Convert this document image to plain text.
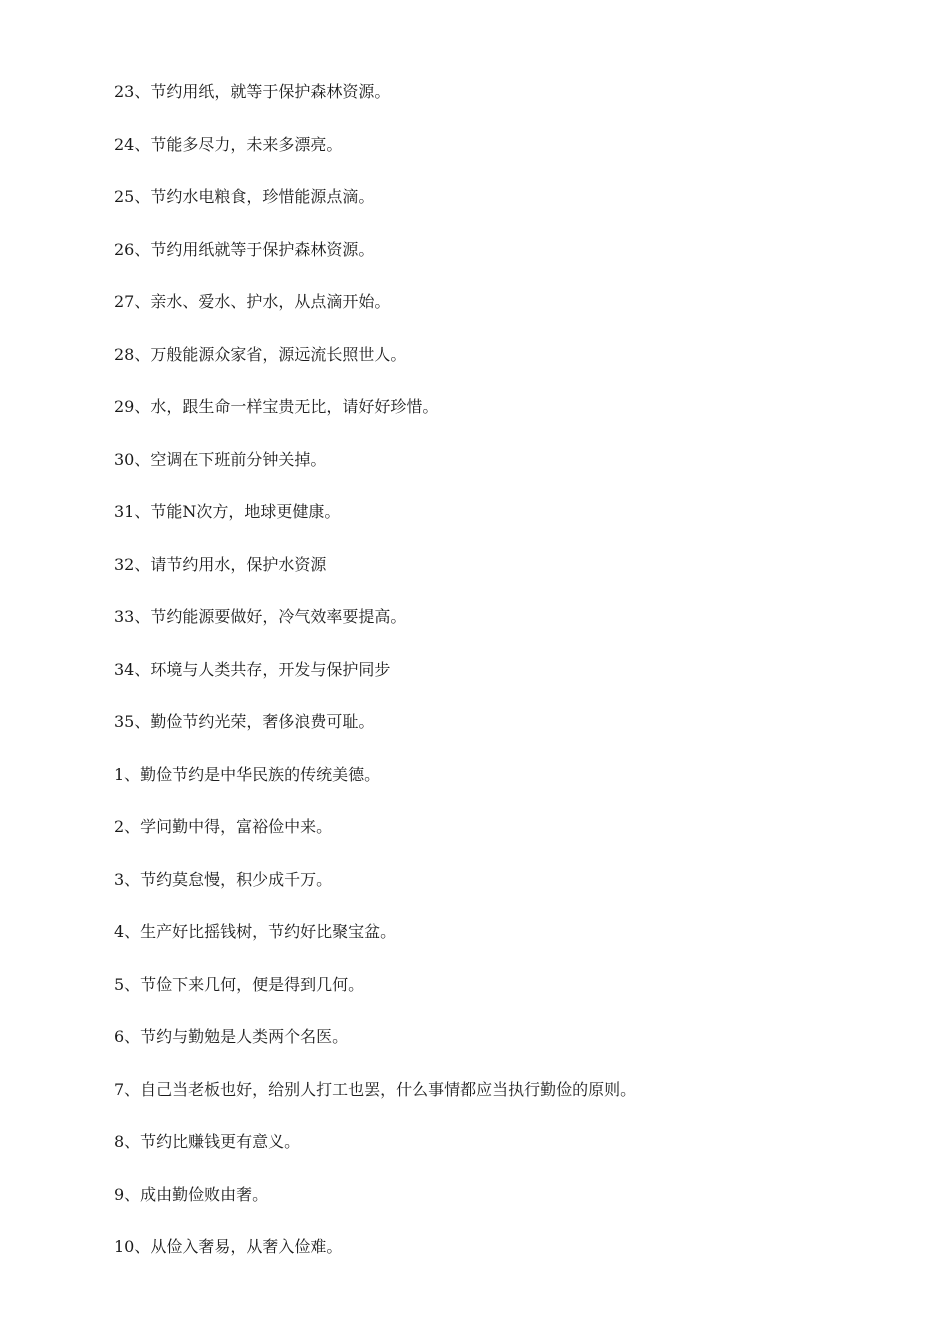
23、节约用纸，就等于保护森林资源。
24、节能多尽力，未来多漂亮。
25、节约水电粮食，珍惜能源点滴。
26、节约用纸就等于保护森林资源。
27、亲水、爱水、护水，从点滴开始。
28、万般能源众家省，源远流长照世人。
29、水，跟生命一样宝贵无比，请好好珍惜。
30、空调在下班前分钟关掉。
31、节能N次方，地球更健康。
32、请节约用水，保护水资源
33、节约能源要做好，冷气效率要提高。
34、环境与人类共存，开发与保护同步
35、勤俭节约光荣，奢侈浪费可耻。
1、勤俭节约是中华民族的传统美德。
2、学问勤中得，富裕俭中来。
3、节约莫怠慢，积少成千万。
4、生产好比摇钱树，节约好比聚宝盆。
5、节俭下来几何，便是得到几何。
6、节约与勤勉是人类两个名医。
7、自己当老板也好，给别人打工也罢，什么事情都应当执行勤俭的原则。
8、节约比赚钱更有意义。
9、成由勤俭败由奢。
10、从俭入奢易，从奢入俭难。
